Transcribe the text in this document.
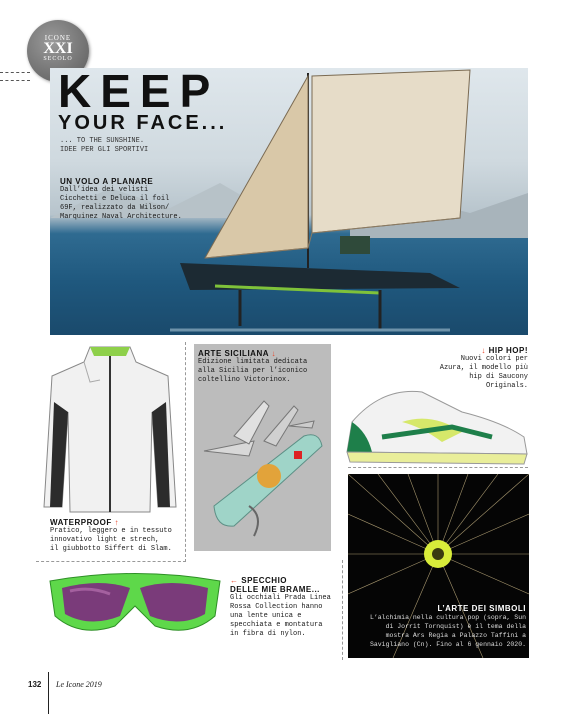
ICONE
XXI
SECOLO
KEEP
YOUR FACE...
... TO THE SUNSHINE.
IDEE PER GLI SPORTIVI
UN VOLO A PLANARE
Dall’idea dei velisti
Cicchetti e Deluca il foil
69F, realizzato da Wilson/
Marquinez Naval Architecture.
WATERPROOF ↑
Pratico, leggero e in tessuto
innovativo light e strech,
il giubbotto Siffert di Slam.
ARTE SICILIANA ↓
Edizione limitata dedicata
alla Sicilia per l’iconico
coltellino Victorinox.
↓ HIP HOP!
Nuovi colori per
Azura, il modello più
hip di Saucony
Originals.
L’ARTE DEI SIMBOLI
L’alchimia nella cultura pop (sopra, Sun
di Jorrit Tornquist) è il tema della
mostra Ars Regia a Palazzo Taffini a
Savigliano (Cn). Fino al 6 gennaio 2020.
← SPECCHIO
DELLE MIE BRAME...
Gli occhiali Prada Linea
Rossa Collection hanno
una lente unica e
specchiata e montatura
in fibra di nylon.
132 Le Icone 2019
